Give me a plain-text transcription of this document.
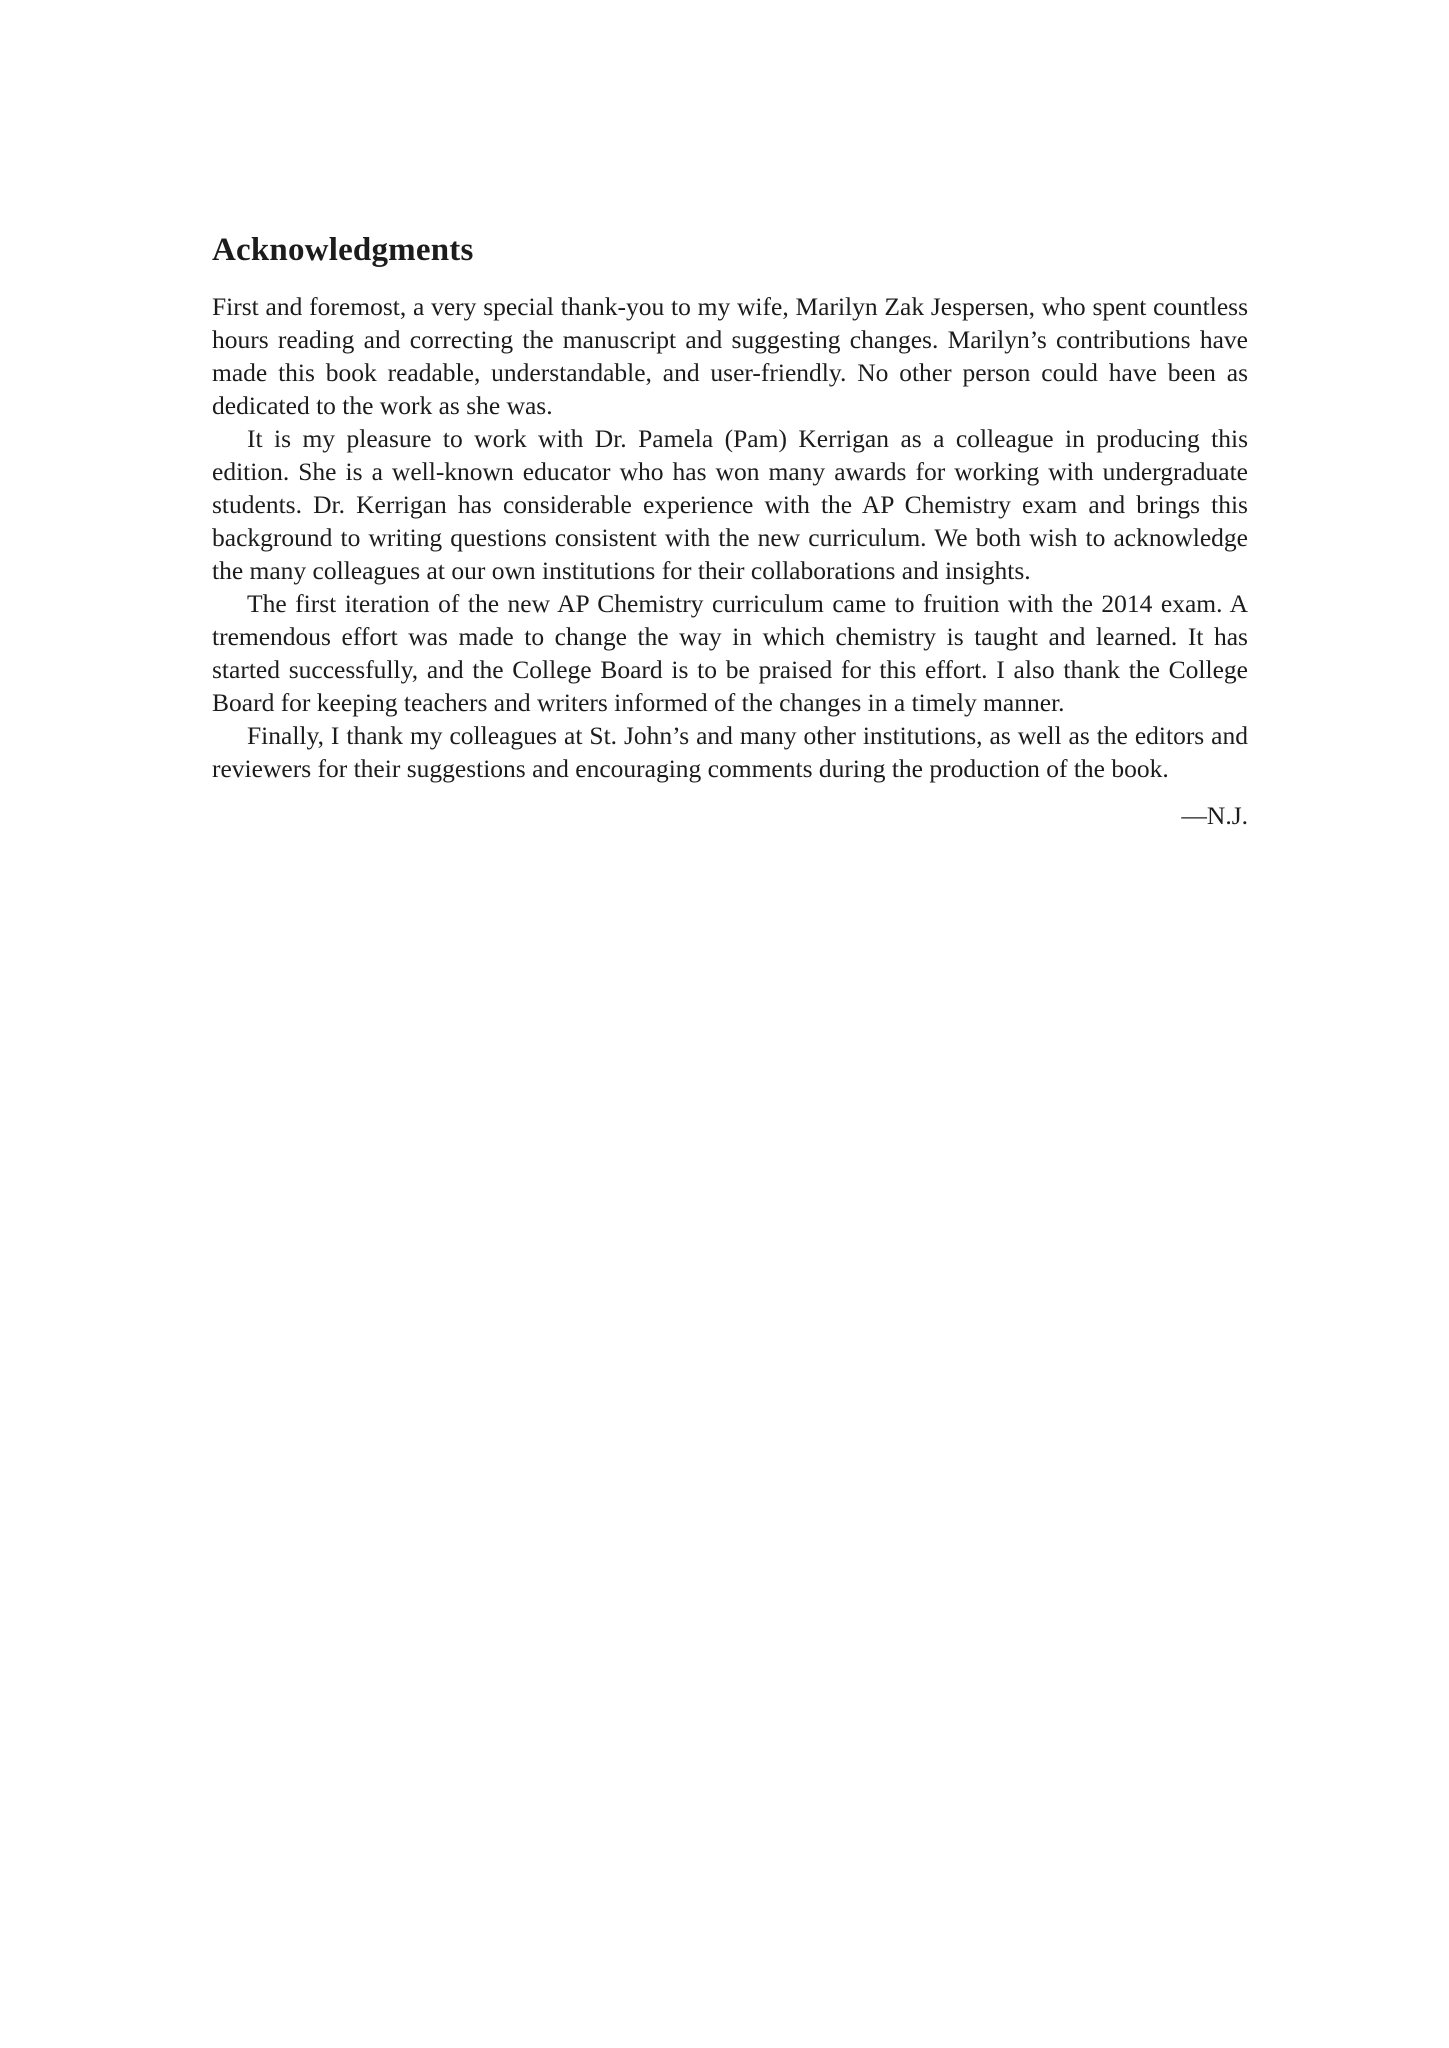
Acknowledgments

First and foremost, a very special thank-you to my wife, Marilyn Zak Jespersen, who spent countless hours reading and correcting the manuscript and suggesting changes. Marilyn’s contributions have made this book readable, understandable, and user-friendly. No other person could have been as dedicated to the work as she was.

It is my pleasure to work with Dr. Pamela (Pam) Kerrigan as a colleague in producing this edition. She is a well-known educator who has won many awards for working with undergraduate students. Dr. Kerrigan has considerable experience with the AP Chemistry exam and brings this background to writing questions consistent with the new curriculum. We both wish to acknowledge the many colleagues at our own institutions for their collaborations and insights.

The first iteration of the new AP Chemistry curriculum came to fruition with the 2014 exam. A tremendous effort was made to change the way in which chemistry is taught and learned. It has started successfully, and the College Board is to be praised for this effort. I also thank the College Board for keeping teachers and writers informed of the changes in a timely manner.

Finally, I thank my colleagues at St. John’s and many other institutions, as well as the editors and reviewers for their suggestions and encouraging comments during the production of the book.

—N.J.
